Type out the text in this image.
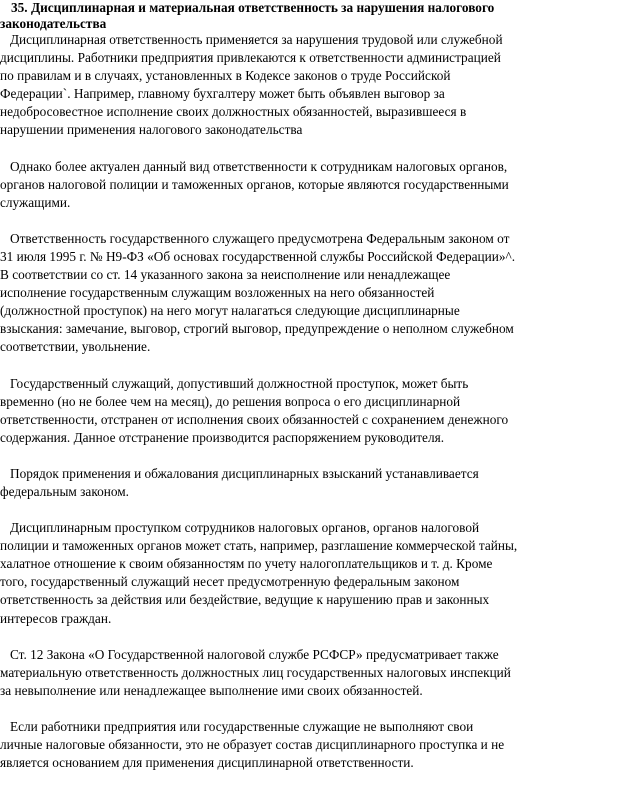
35. Дисциплинарная и материальная ответственность за нарушения налогового
законодательства
Дисциплинарная ответственность применяется за нарушения трудовой или служебной
дисциплины. Работники предприятия привлекаются к ответственности администрацией
по правилам и в случаях, установленных в Кодексе законов о труде Российской
Федерации`. Например, главному бухгалтеру может быть объявлен выговор за
недобросовестное исполнение своих должностных обязанностей, выразившееся в
нарушении применения налогового законодательства
Однако более актуален данный вид ответственности к сотрудникам налоговых органов,
органов налоговой полиции и таможенных органов, которые являются государственными
служащими.
Ответственность государственного служащего предусмотрена Федеральным законом от
31 июля 1995 г. № Н9-ФЗ «Об основах государственной службы Российской Федерации»^.
В соответствии со ст. 14 указанного закона за неисполнение или ненадлежащее
исполнение государственным служащим возложенных на него обязанностей
(должностной проступок) на него могут налагаться следующие дисциплинарные
взыскания: замечание, выговор, строгий выговор, предупреждение о неполном служебном
соответствии, увольнение.
Государственный служащий, допустивший должностной проступок, может быть
временно (но не более чем на месяц), до решения вопроса о его дисциплинарной
ответственности, отстранен от исполнения своих обязанностей с сохранением денежного
содержания. Данное отстранение производится распоряжением руководителя.
Порядок применения и обжалования дисциплинарных взысканий устанавливается
федеральным законом.
Дисциплинарным проступком сотрудников налоговых органов, органов налоговой
полиции и таможенных органов может стать, например, разглашение коммерческой тайны,
халатное отношение к своим обязанностям по учету налогоплательщиков и т. д. Кроме
того, государственный служащий несет предусмотренную федеральным законом
ответственность за действия или бездействие, ведущие к нарушению прав и законных
интересов граждан.
Ст. 12 Закона «О Государственной налоговой службе РСФСР» предусматривает также
материальную ответственность должностных лиц государственных налоговых инспекций
за невыполнение или ненадлежащее выполнение ими своих обязанностей.
Если работники предприятия или государственные служащие не выполняют свои
личные налоговые обязанности, это не образует состав дисциплинарного проступка и не
является основанием для применения дисциплинарной ответственности.
